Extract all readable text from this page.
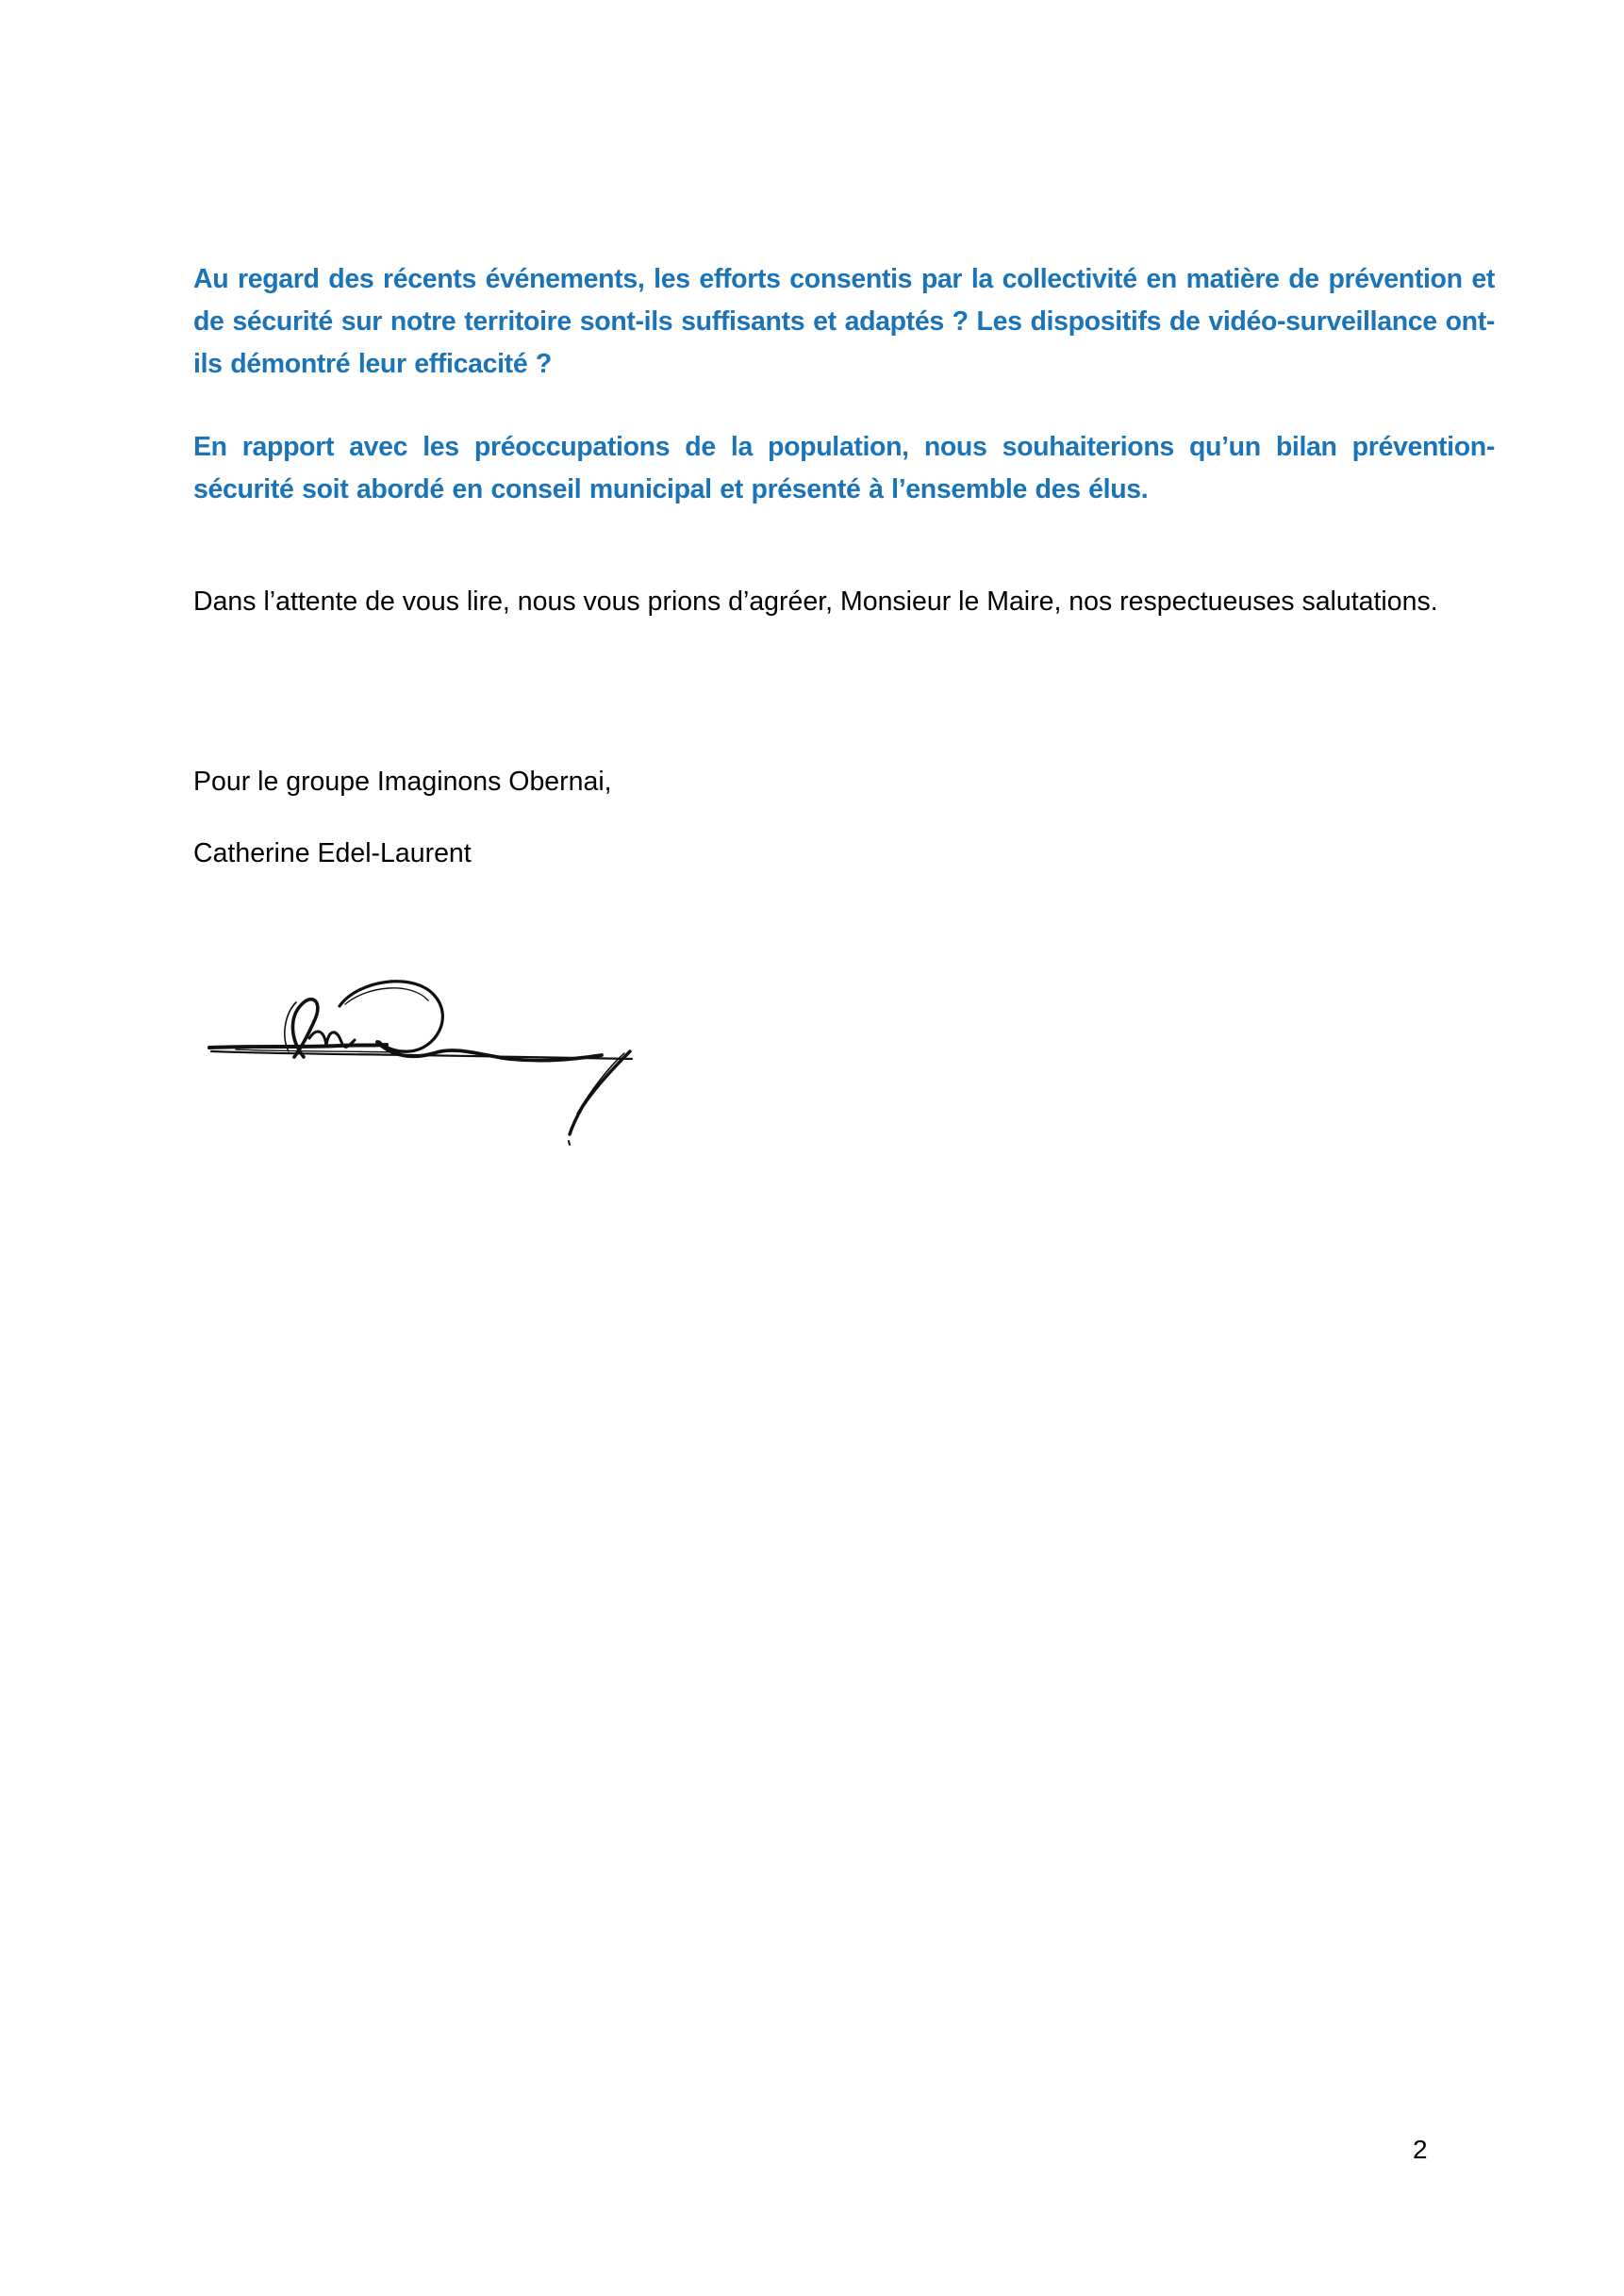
Au regard des récents événements, les efforts consentis par la collectivité en matière de prévention et de sécurité sur notre territoire sont-ils suffisants et adaptés ? Les dispositifs de vidéo-surveillance ont-ils démontré leur efficacité ?

En rapport avec les préoccupations de la population, nous souhaiterions qu’un bilan prévention-sécurité soit abordé en conseil municipal et présenté à l’ensemble des élus.

Dans l’attente de vous lire, nous vous prions d’agréer, Monsieur le Maire, nos respectueuses salutations.

Pour le groupe Imaginons Obernai,

Catherine Edel-Laurent

2
